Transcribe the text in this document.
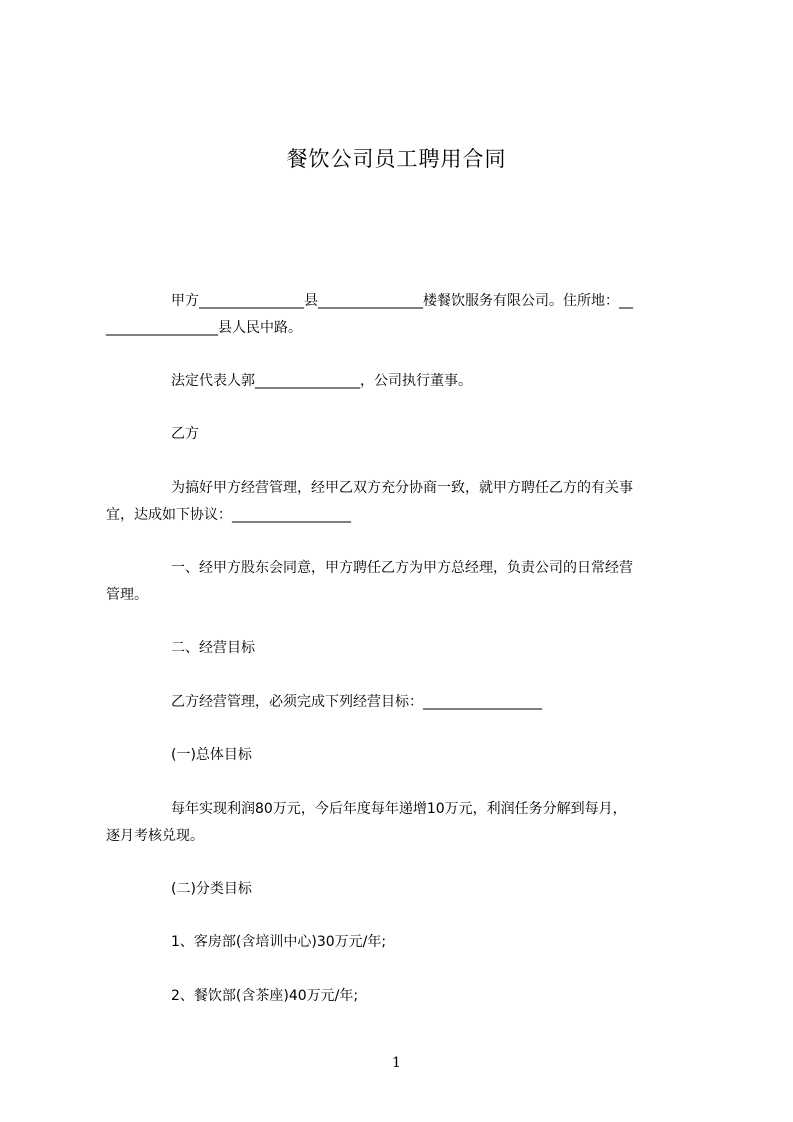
餐饮公司员工聘用合同
甲方_______________县_______________楼餐饮服务有限公司。住所地：__
________________县人民中路。
法定代表人郭_______________，公司执行董事。
乙方
为搞好甲方经营管理，经甲乙双方充分协商一致，就甲方聘任乙方的有关事
宜，达成如下协议：_________________
一、经甲方股东会同意，甲方聘任乙方为甲方总经理，负责公司的日常经营
管理。
二、经营目标
乙方经营管理，必须完成下列经营目标：_________________
(一)总体目标
每年实现利润80万元，今后年度每年递增10万元，利润任务分解到每月，
逐月考核兑现。
(二)分类目标
1、客房部(含培训中心)30万元/年;
2、餐饮部(含茶座)40万元/年;
1
